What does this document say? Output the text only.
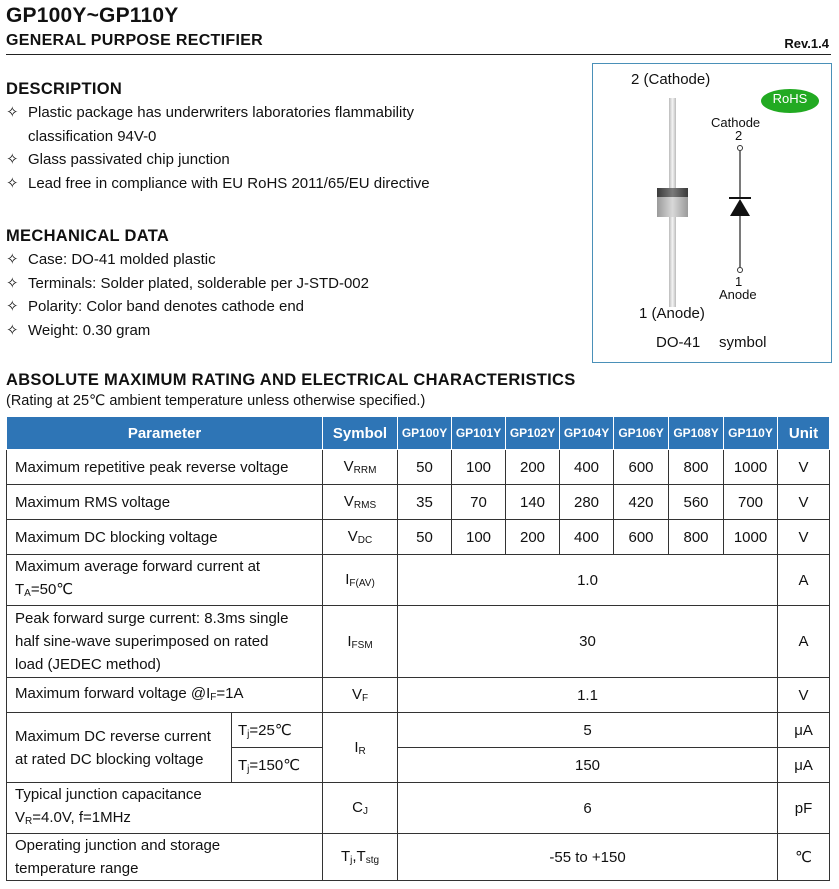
GP100Y~GP110Y
GENERAL PURPOSE RECTIFIER	Rev.1.4
DESCRIPTION
✧ Plastic package has underwriters laboratories flammability
classification 94V-0
✧ Glass passivated chip junction
✧ Lead free in compliance with EU RoHS 2011/65/EU directive
MECHANICAL DATA
✧ Case: DO-41 molded plastic
✧ Terminals: Solder plated, solderable per J-STD-002
✧ Polarity: Color band denotes cathode end
✧ Weight: 0.30 gram
2 (Cathode)
RoHS
Cathode
2
1
Anode
1 (Anode)
DO-41 symbol
ABSOLUTE MAXIMUM RATING AND ELECTRICAL CHARACTERISTICS
(Rating at 25℃ ambient temperature unless otherwise specified.)
Parameter		Symbol	GP100Y	GP101Y	GP102Y	GP104Y	GP106Y	GP108Y	GP110Y	Unit
Maximum repetitive peak reverse voltage		$V_{RRM}$	50	100	200	400	600	800	1000	V
Maximum RMS voltage		$V_{RMS}$	35	70	140	280	420	560	700	V
Maximum DC blocking voltage		$V_{DC}$	50	100	200	400	600	800	1000	V
Maximum average forward current at
$T_A=50℃$		$I_{F(AV)}$	1.0							A
Peak forward surge current: 8.3ms single
half sine-wave superimposed on rated
load (JEDEC method)		$I_{FSM}$	30							A
Maximum forward voltage $@I_F=1A$		$V_F$	1.1							V
Maximum DC reverse current
at rated DC blocking voltage	$T_j=25℃$	$I_R$	5							μA
	$T_j=150℃$		150							μA
Typical junction capacitance
$V_R=4.0V$, f=1MHz		$C_J$	6							pF
Operating junction and storage
temperature range		$T_j,T_{stg}$	-55 to +150							℃
